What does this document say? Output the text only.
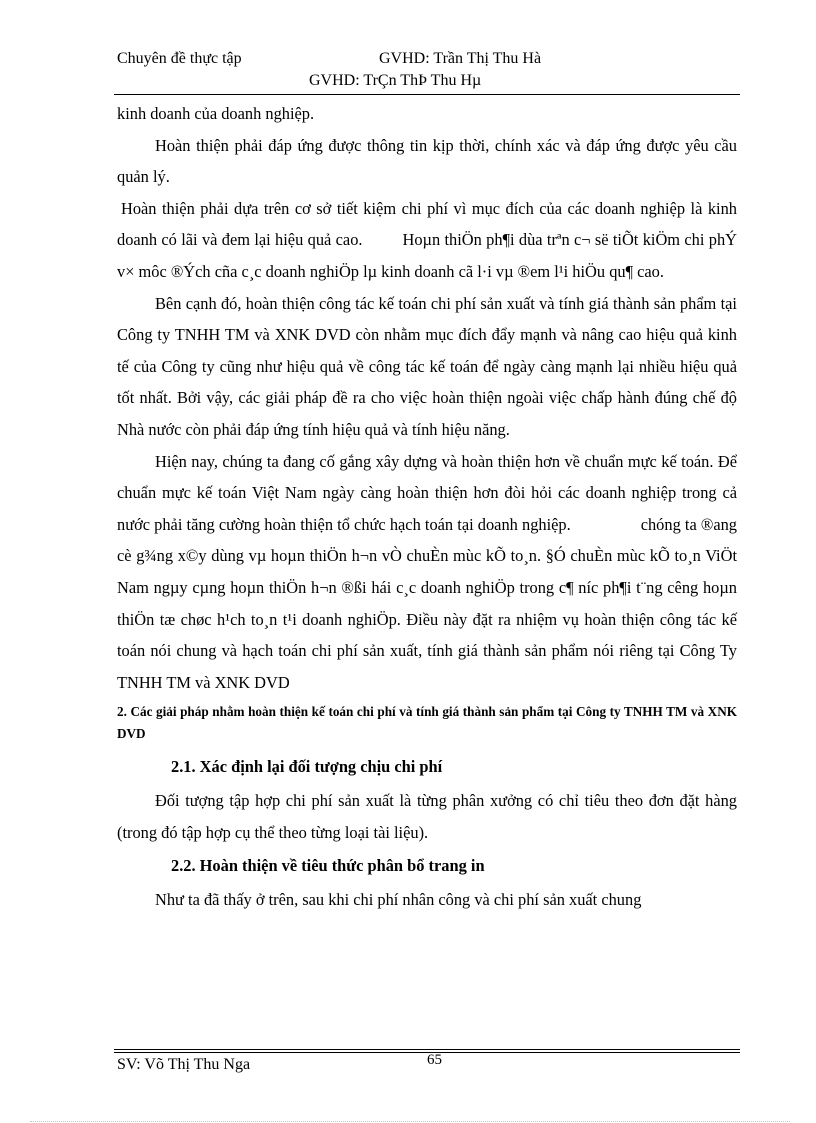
Chuyên đề thực tập	GVHD: Trần Thị Thu Hà
GVHD: TrÇn ThÞ Thu Hµ

kinh doanh của doanh nghiệp.

Hoàn thiện phải đáp ứng được thông tin kịp thời, chính xác và đáp ứng được yêu cầu quản lý.

Hoàn thiện phải dựa trên cơ sở tiết kiệm chi phí vì mục đích của các doanh nghiệp là kinh doanh có lãi và đem lại hiệu quả cao. Hoµn thiÖn ph¶i dùa trªn c¬ së tiÕt kiÖm chi phÝ v× môc ®Ých cña c¸c doanh nghiÖp lµ kinh doanh cã l·i vµ ®em l¹i hiÖu qu¶ cao.

Bên cạnh đó, hoàn thiện công tác kế toán chi phí sản xuất và tính giá thành sản phẩm tại Công ty TNHH TM và XNK DVD còn nhằm mục đích đẩy mạnh và nâng cao hiệu quả kinh tế của Công ty cũng như hiệu quả về công tác kế toán để ngày càng mạnh lại nhiều hiệu quả tốt nhất. Bởi vậy, các giải pháp đề ra cho việc hoàn thiện ngoài việc chấp hành đúng chế độ Nhà nước còn phải đáp ứng tính hiệu quả và tính hiệu năng.

Hiện nay, chúng ta đang cố gắng xây dựng và hoàn thiện hơn về chuẩn mực kế toán. Để chuẩn mực kế toán Việt Nam ngày càng hoàn thiện hơn đòi hỏi các doanh nghiệp trong cả nước phải tăng cường hoàn thiện tổ chức hạch toán tại doanh nghiệp.	chóng ta ®ang cè g¾ng x©y dùng vµ hoµn thiÖn h¬n vÒ chuÈn mùc kÕ to¸n. §Ó chuÈn mùc kÕ to¸n ViÖt Nam ngµy cµng hoµn thiÖn h¬n ®ßi hái c¸c doanh nghiÖp trong c¶ níc ph¶i t¨ng cêng hoµn thiÖn tæ chøc h¹ch to¸n t¹i doanh nghiÖp. Điều này đặt ra nhiệm vụ hoàn thiện công tác kế toán nói chung và hạch toán chi phí sản xuất, tính giá thành sản phẩm nói riêng tại Công Ty TNHH TM và XNK DVD

2. Các giải pháp nhằm hoàn thiện kế toán chi phí và tính giá thành sản phẩm tại Công ty TNHH TM và XNK DVD

2.1. Xác định lại đối tượng chịu chi phí

Đối tượng tập hợp chi phí sản xuất là từng phân xưởng có chỉ tiêu theo đơn đặt hàng (trong đó tập hợp cụ thể theo từng loại tài liệu).

2.2. Hoàn thiện về tiêu thức phân bổ trang in

Như ta đã thấy ở trên, sau khi chi phí nhân công và chi phí sản xuất chung

SV: Võ Thị Thu Nga	65
